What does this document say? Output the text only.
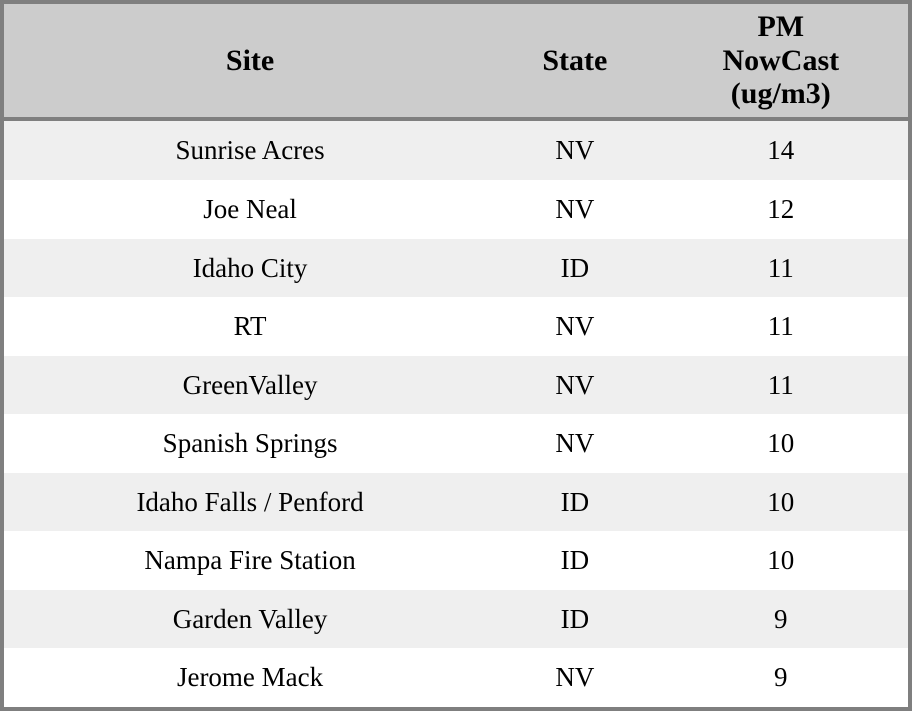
Site	State	PM
NowCast
(ug/m3)

Sunrise Acres	NV	14
Joe Neal	NV	12
Idaho City	ID	11
RT	NV	11
GreenValley	NV	11
Spanish Springs	NV	10
Idaho Falls / Penford	ID	10
Nampa Fire Station	ID	10
Garden Valley	ID	9
Jerome Mack	NV	9
